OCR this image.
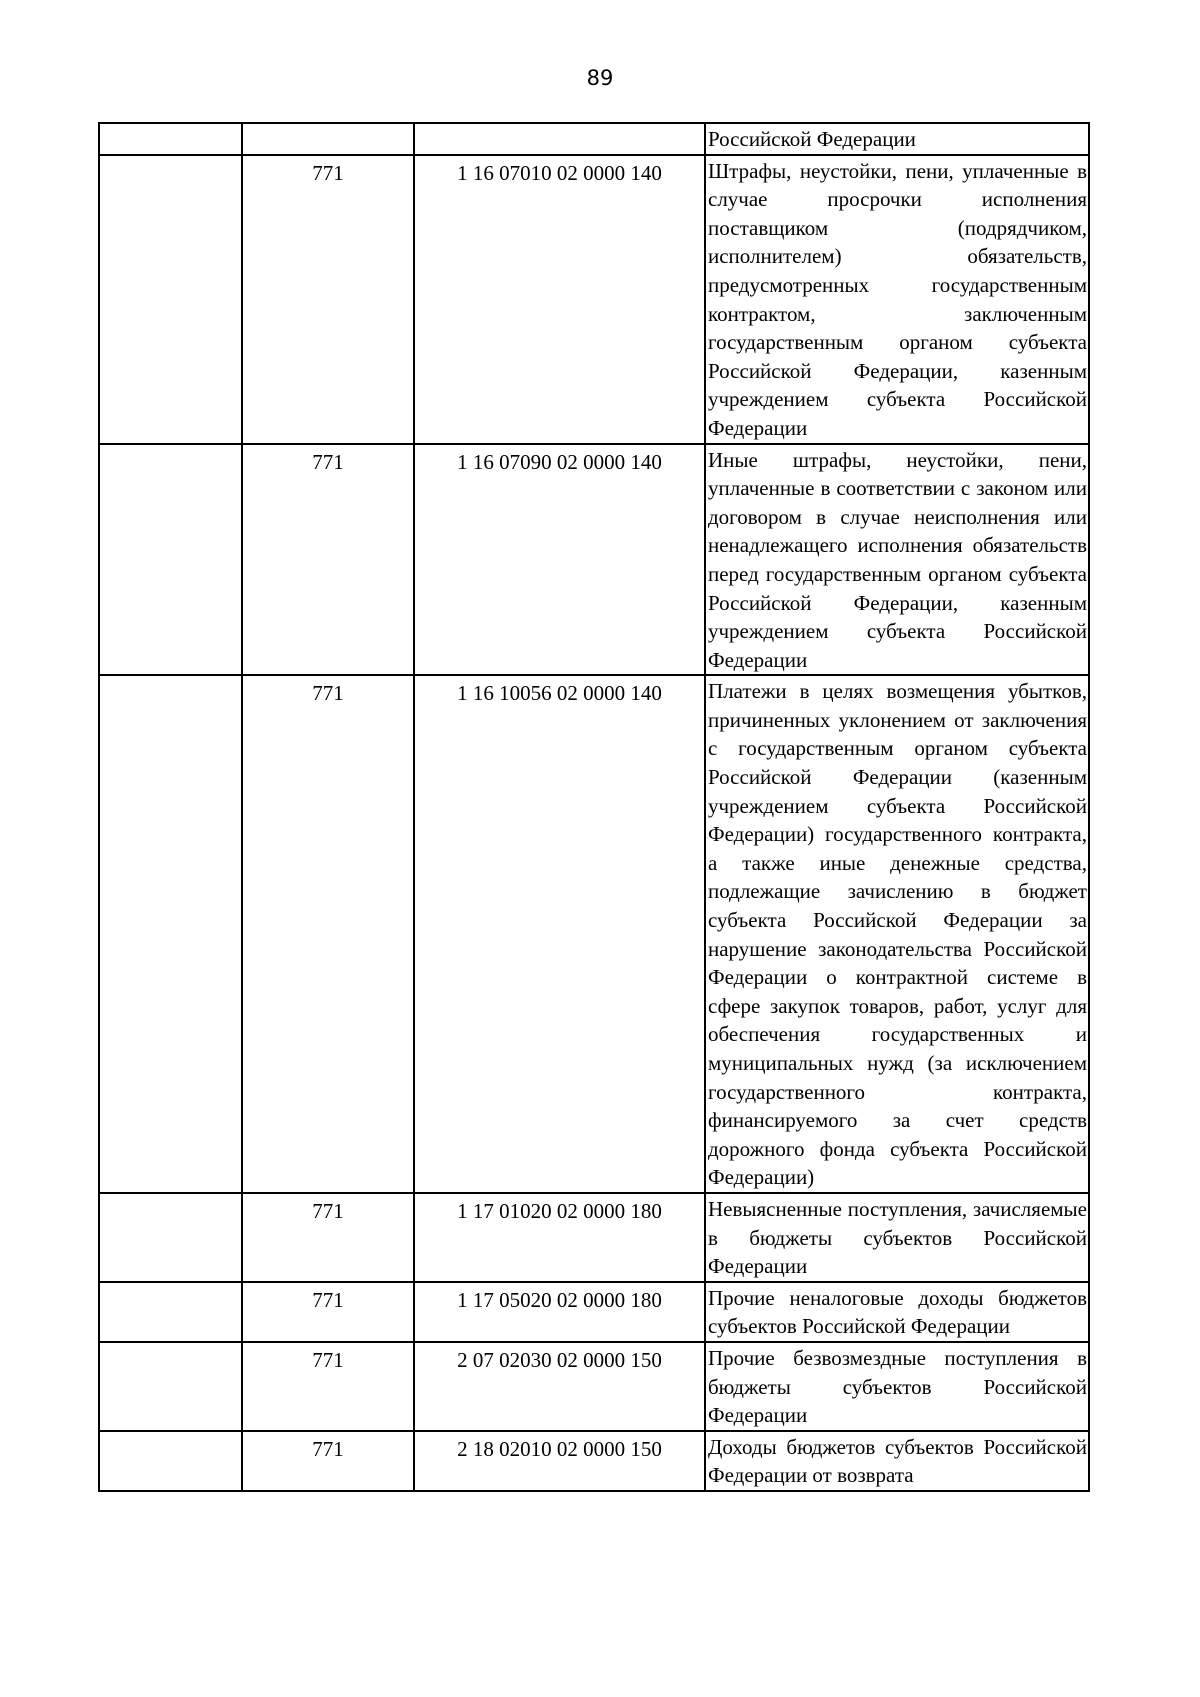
89
			Российской Федерации
	771	1 16 07010 02 0000 140	Штрафы, неустойки, пени, уплаченные в случае просрочки исполнения поставщиком (подрядчиком, исполнителем) обязательств, предусмотренных государственным контрактом, заключенным государственным органом субъекта Российской Федерации, казенным учреждением субъекта Российской Федерации
	771	1 16 07090 02 0000 140	Иные штрафы, неустойки, пени, уплаченные в соответствии с законом или договором в случае неисполнения или ненадлежащего исполнения обязательств перед государственным органом субъекта Российской Федерации, казенным учреждением субъекта Российской Федерации
	771	1 16 10056 02 0000 140	Платежи в целях возмещения убытков, причиненных уклонением от заключения с государственным органом субъекта Российской Федерации (казенным учреждением субъекта Российской Федерации) государственного контракта, а также иные денежные средства, подлежащие зачислению в бюджет субъекта Российской Федерации за нарушение законодательства Российской Федерации о контрактной системе в сфере закупок товаров, работ, услуг для обеспечения государственных и муниципальных нужд (за исключением государственного контракта, финансируемого за счет средств дорожного фонда субъекта Российской Федерации)
	771	1 17 01020 02 0000 180	Невыясненные поступления, зачисляемые в бюджеты субъектов Российской Федерации
	771	1 17 05020 02 0000 180	Прочие неналоговые доходы бюджетов субъектов Российской Федерации
	771	2 07 02030 02 0000 150	Прочие безвозмездные поступления в бюджеты субъектов Российской Федерации
	771	2 18 02010 02 0000 150	Доходы бюджетов субъектов Российской Федерации от возврата
